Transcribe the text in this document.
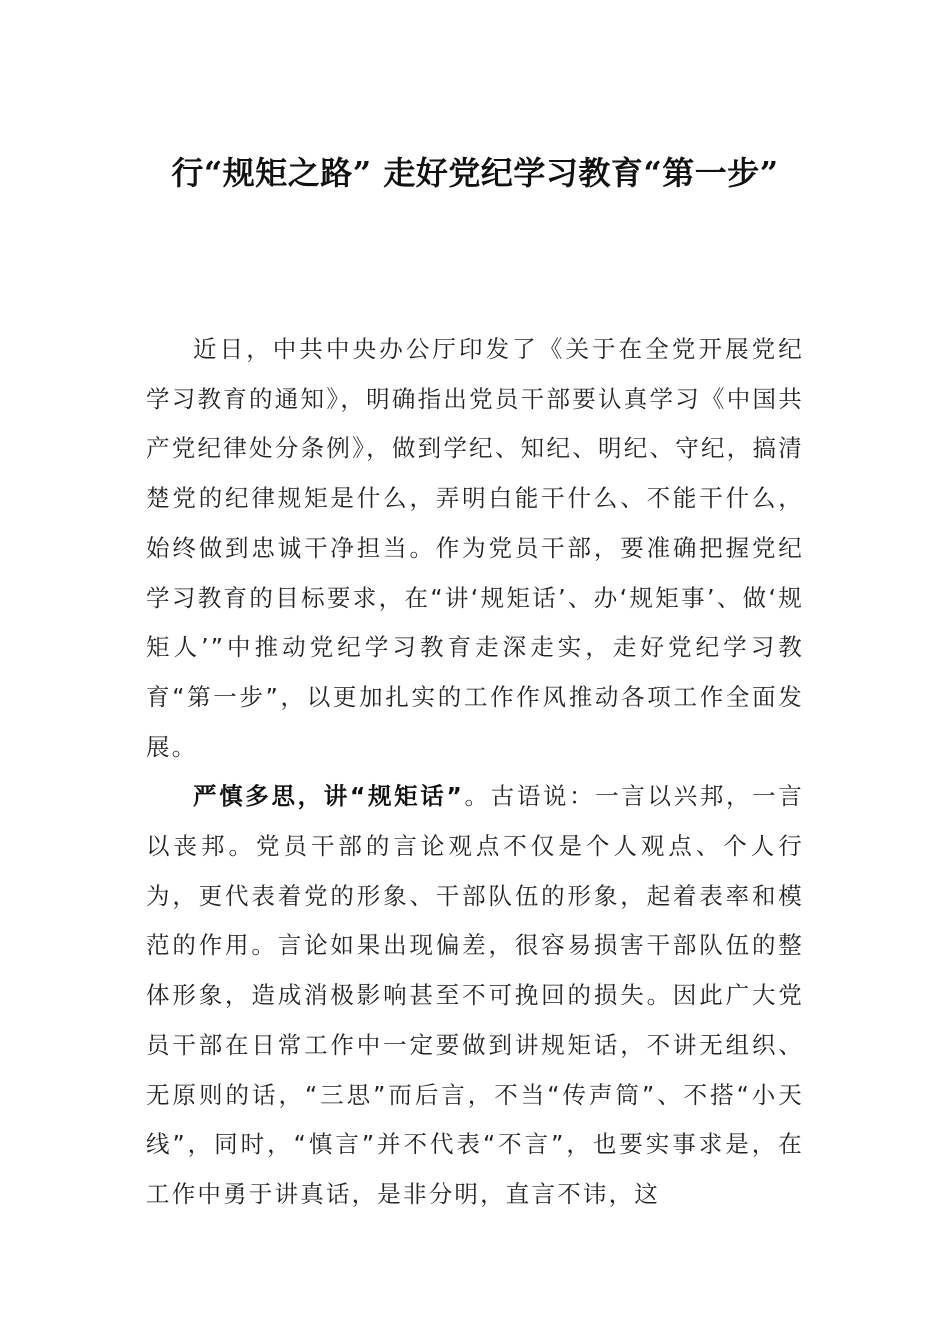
行“规矩之路” 走好党纪学习教育“第一步”

近日，中共中央办公厅印发了《关于在全党开展党纪学习教育的通知》，明确指出党员干部要认真学习《中国共产党纪律处分条例》，做到学纪、知纪、明纪、守纪，搞清楚党的纪律规矩是什么，弄明白能干什么、不能干什么，始终做到忠诚干净担当。作为党员干部，要准确把握党纪学习教育的目标要求，在“讲‘规矩话’、办‘规矩事’、做‘规矩人’”中推动党纪学习教育走深走实，走好党纪学习教育“第一步”，以更加扎实的工作作风推动各项工作全面发展。

严慎多思，讲“规矩话”。古语说：一言以兴邦，一言以丧邦。党员干部的言论观点不仅是个人观点、个人行为，更代表着党的形象、干部队伍的形象，起着表率和模范的作用。言论如果出现偏差，很容易损害干部队伍的整体形象，造成消极影响甚至不可挽回的损失。因此广大党员干部在日常工作中一定要做到讲规矩话，不讲无组织、无原则的话，“三思”而后言，不当“传声筒”、不搭“小天线”，同时，“慎言”并不代表“不言”，也要实事求是，在工作中勇于讲真话，是非分明，直言不讳，这
